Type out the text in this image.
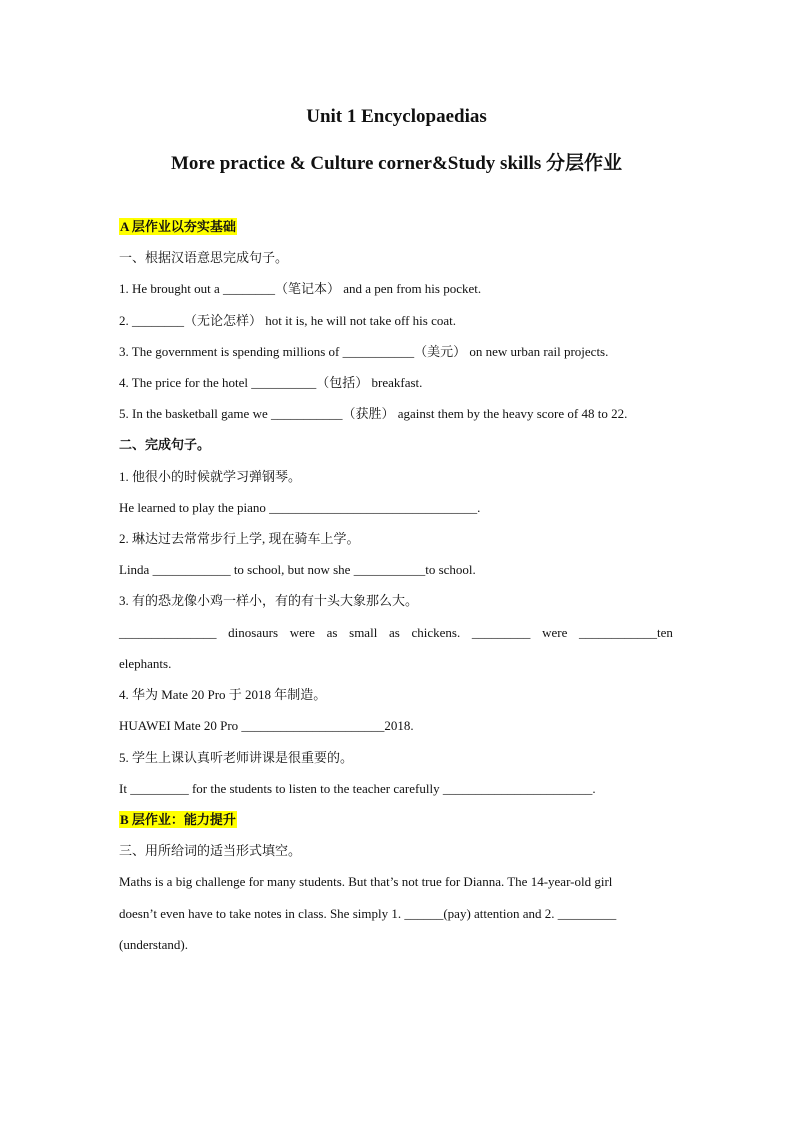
Unit 1 Encyclopaedias
More practice & Culture corner&Study skills 分层作业
A 层作业以夯实基础
一、根据汉语意思完成句子。
1. He brought out a ________（笔记本） and a pen from his pocket.
2. ________（无论怎样） hot it is, he will not take off his coat.
3. The government is spending millions of ___________（美元） on new urban rail projects.
4. The price for the hotel __________（包括） breakfast.
5. In the basketball game we ___________（获胜） against them by the heavy score of 48 to 22.
二、完成句子。
1. 他很小的时候就学习弹钢琴。
He learned to play the piano ________________________________.
2. 琳达过去常常步行上学, 现在骑车上学。
Linda ____________ to school, but now she ___________to school.
3. 有的恐龙像小鸡一样小，有的有十头大象那么大。
_______________ dinosaurs were as small as chickens. _________ were ____________ten
elephants.
4. 华为 Mate 20 Pro 于 2018 年制造。
HUAWEI Mate 20 Pro ______________________2018.
5. 学生上课认真听老师讲课是很重要的。
It _________ for the students to listen to the teacher carefully _______________________.
B 层作业：能力提升
三、用所给词的适当形式填空。
Maths is a big challenge for many students. But that’s not true for Dianna. The 14-year-old girl
doesn’t even have to take notes in class. She simply 1. ______(pay) attention and 2. _________
(understand).
